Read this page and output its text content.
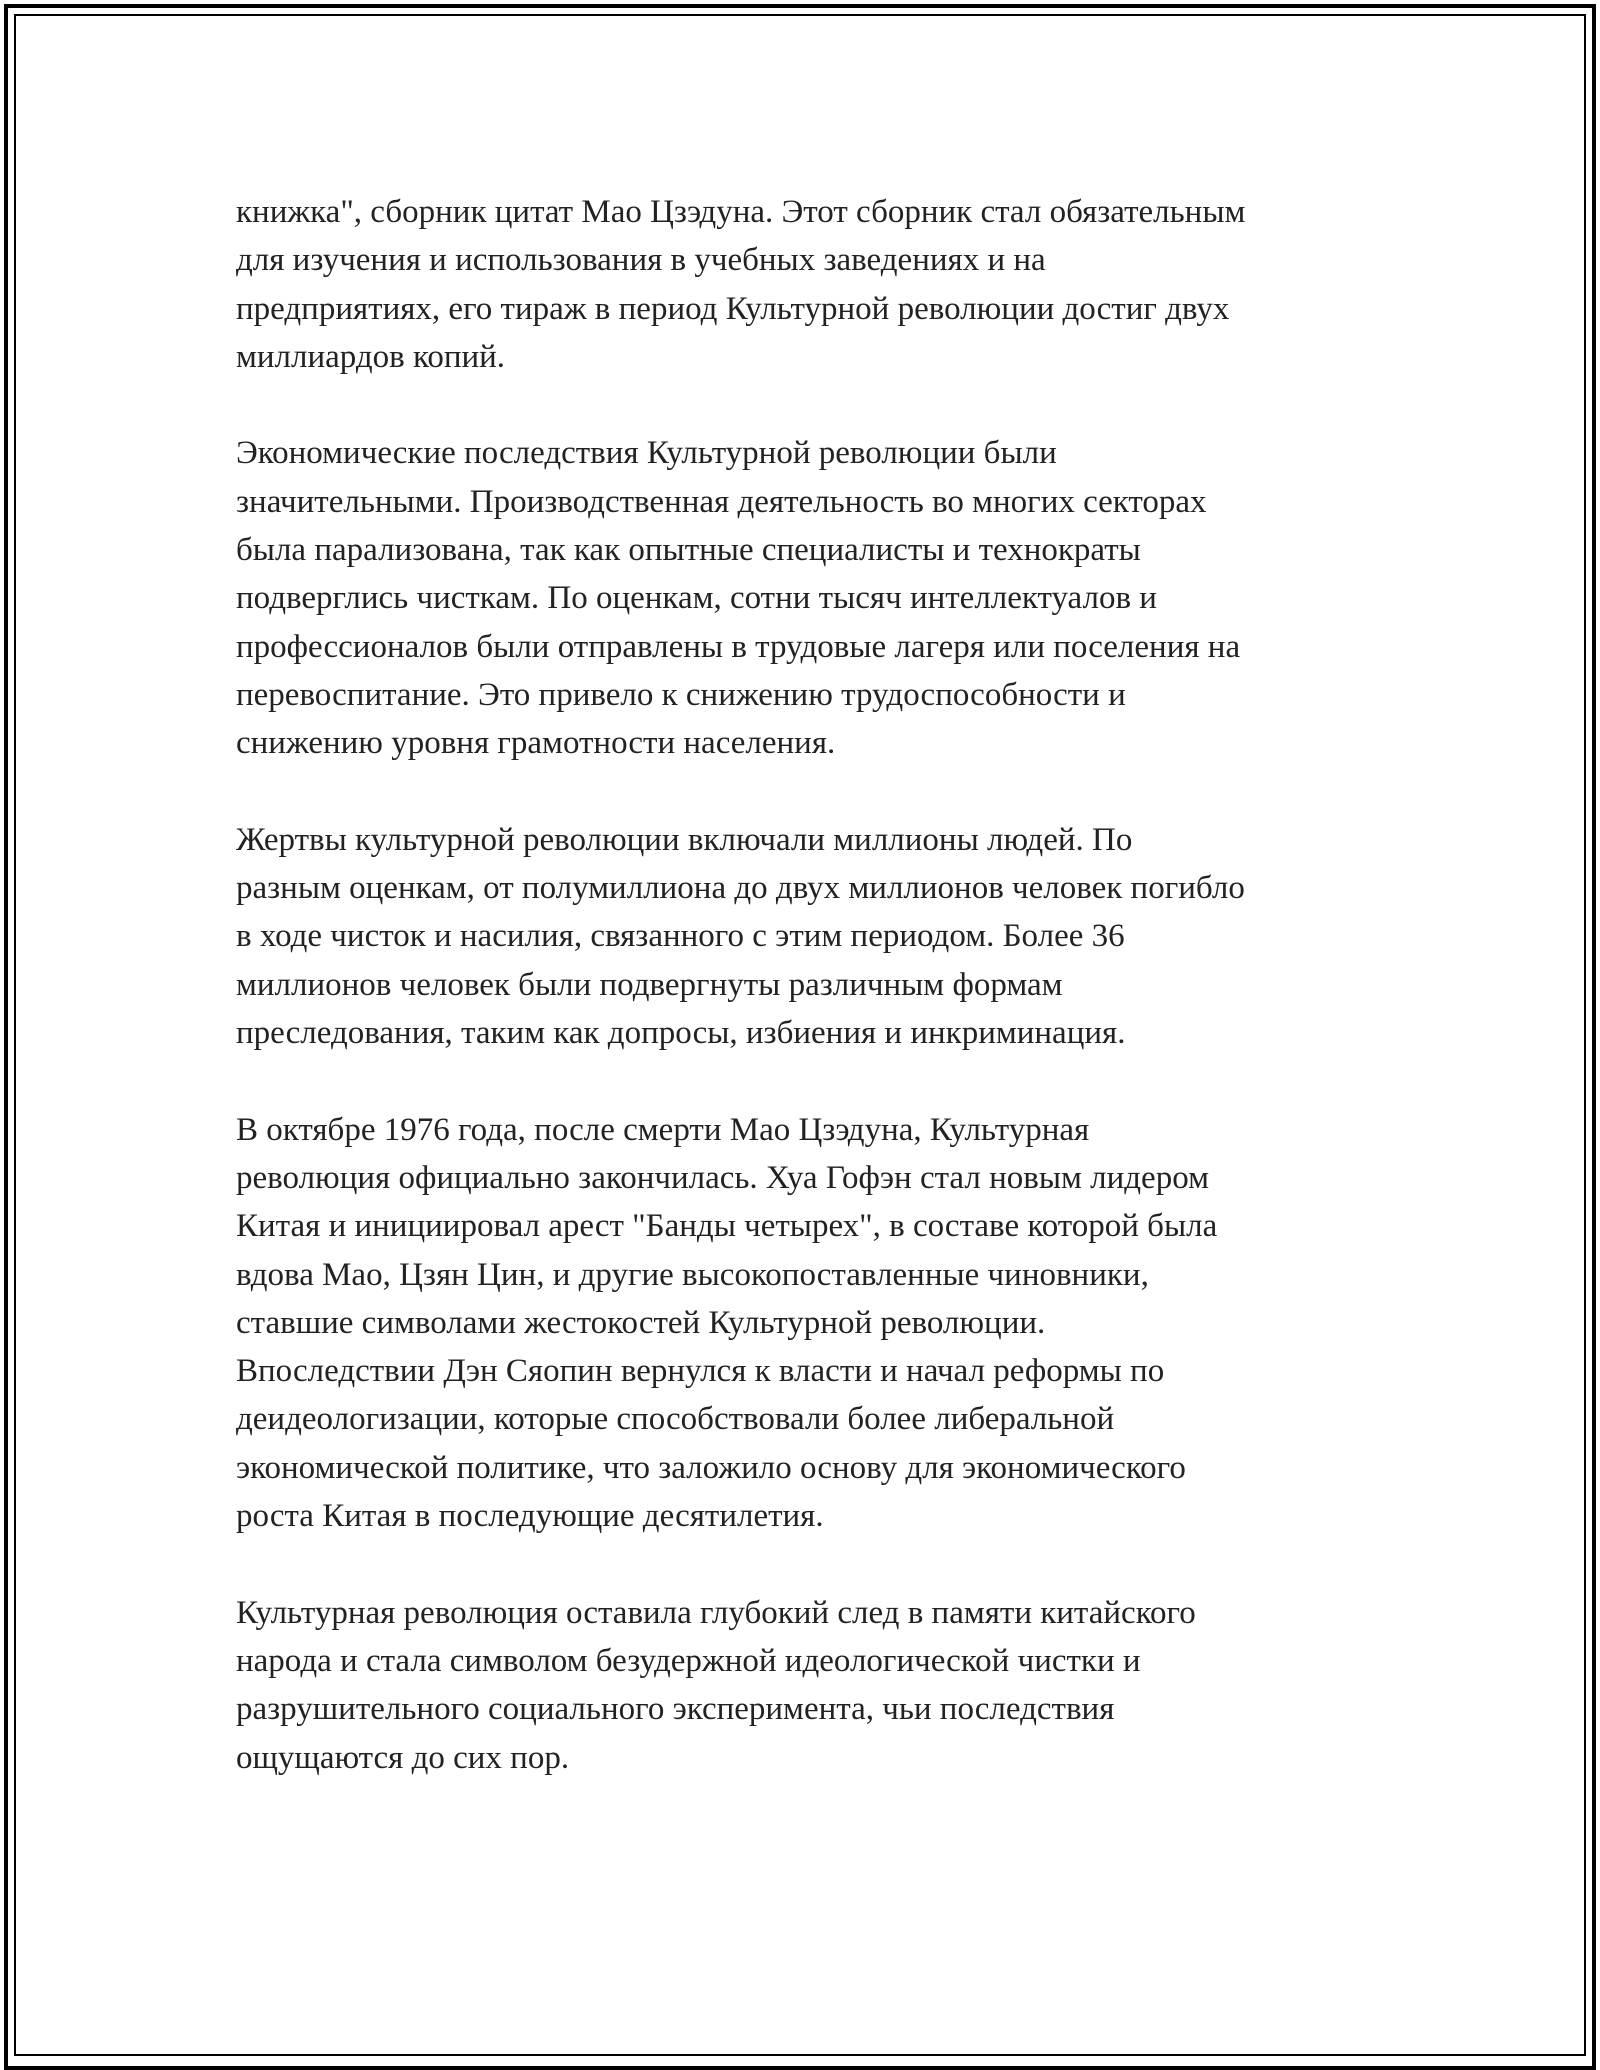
книжка", сборник цитат Мао Цзэдуна. Этот сборник стал обязательным
для изучения и использования в учебных заведениях и на
предприятиях, его тираж в период Культурной революции достиг двух
миллиардов копий.

Экономические последствия Культурной революции были
значительными. Производственная деятельность во многих секторах
была парализована, так как опытные специалисты и технократы
подверглись чисткам. По оценкам, сотни тысяч интеллектуалов и
профессионалов были отправлены в трудовые лагеря или поселения на
перевоспитание. Это привело к снижению трудоспособности и
снижению уровня грамотности населения.

Жертвы культурной революции включали миллионы людей. По
разным оценкам, от полумиллиона до двух миллионов человек погибло
в ходе чисток и насилия, связанного с этим периодом. Более 36
миллионов человек были подвергнуты различным формам
преследования, таким как допросы, избиения и инкриминация.

В октябре 1976 года, после смерти Мао Цзэдуна, Культурная
революция официально закончилась. Хуа Гофэн стал новым лидером
Китая и инициировал арест "Банды четырех", в составе которой была
вдова Мао, Цзян Цин, и другие высокопоставленные чиновники,
ставшие символами жестокостей Культурной революции.
Впоследствии Дэн Сяопин вернулся к власти и начал реформы по
деидеологизации, которые способствовали более либеральной
экономической политике, что заложило основу для экономического
роста Китая в последующие десятилетия.

Культурная революция оставила глубокий след в памяти китайского
народа и стала символом безудержной идеологической чистки и
разрушительного социального эксперимента, чьи последствия
ощущаются до сих пор.
